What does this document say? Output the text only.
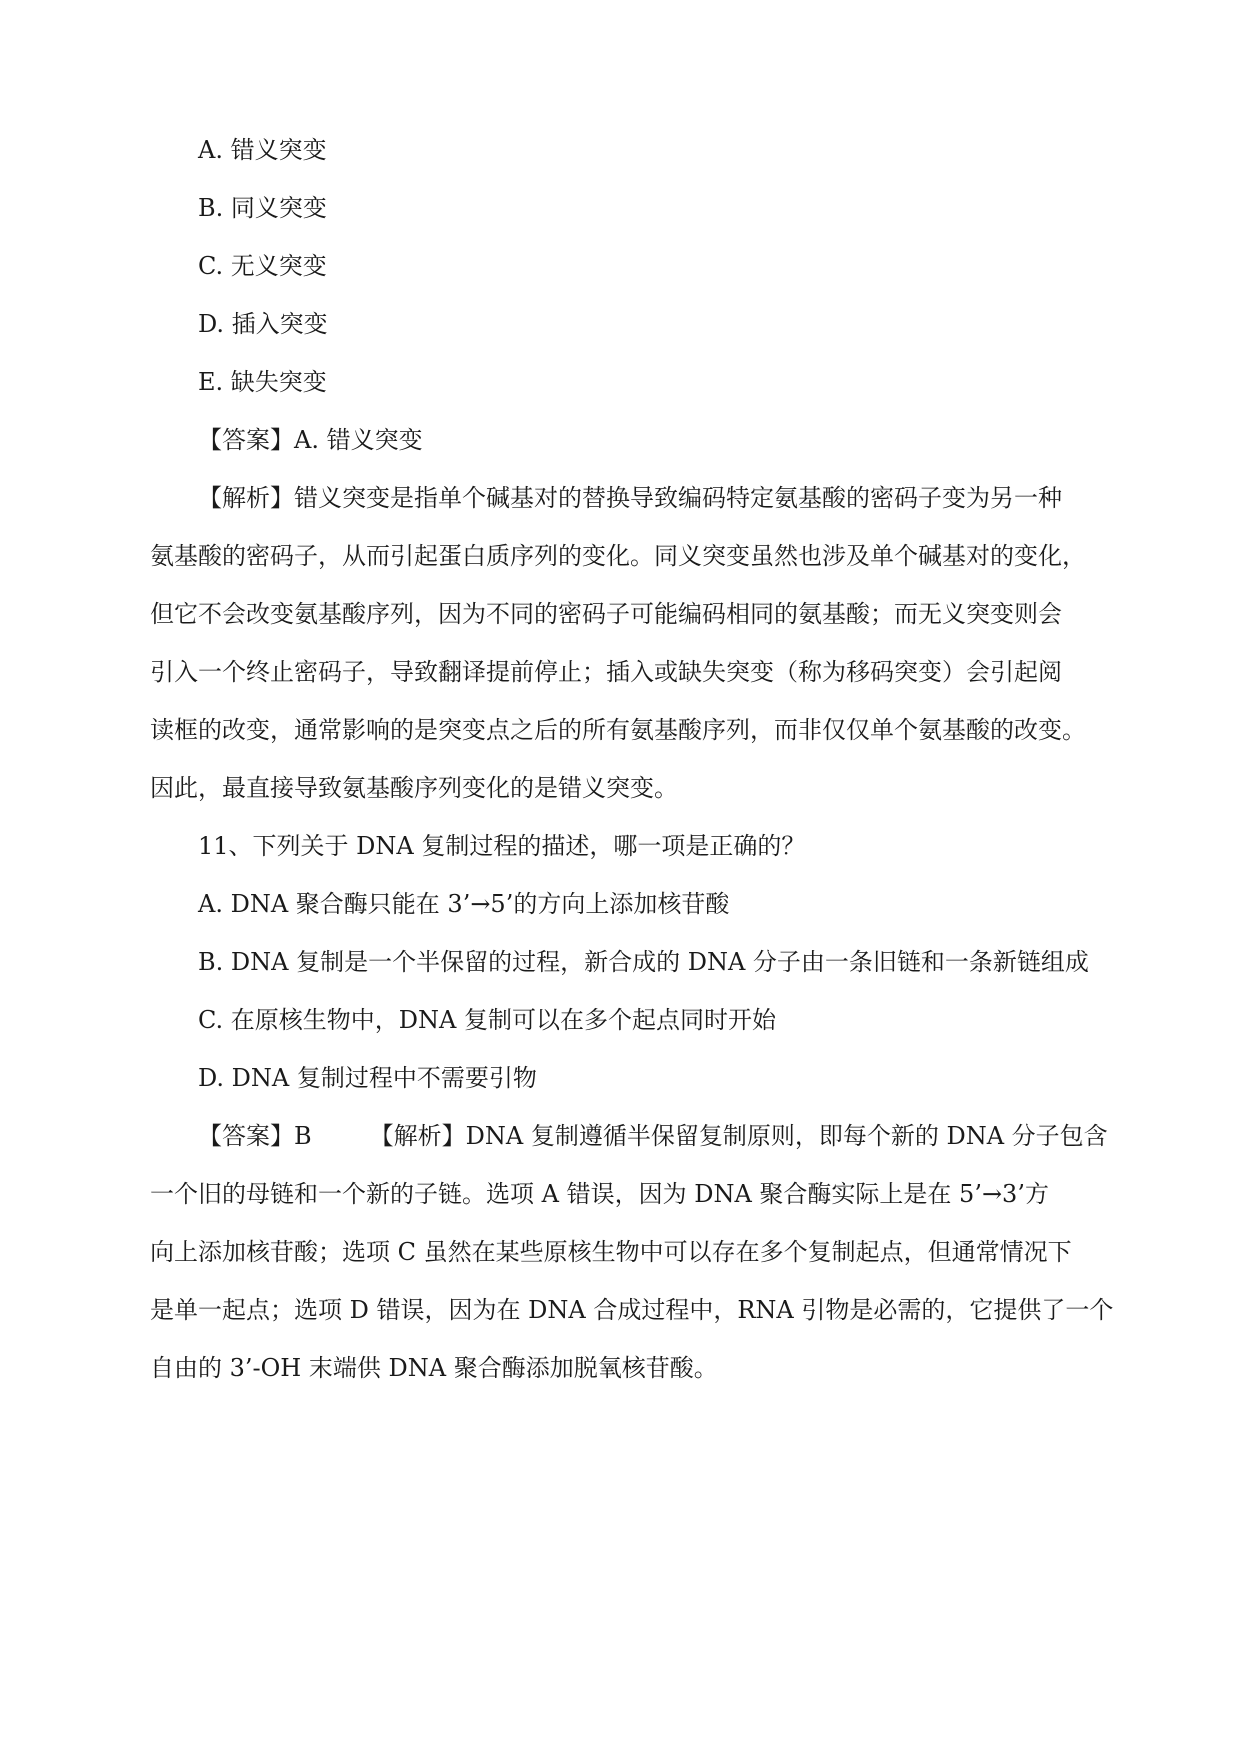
A. 错义突变
B. 同义突变
C. 无义突变
D. 插入突变
E. 缺失突变
【答案】A. 错义突变
【解析】错义突变是指单个碱基对的替换导致编码特定氨基酸的密码子变为另一种
氨基酸的密码子，从而引起蛋白质序列的变化。同义突变虽然也涉及单个碱基对的变化，
但它不会改变氨基酸序列，因为不同的密码子可能编码相同的氨基酸；而无义突变则会
引入一个终止密码子，导致翻译提前停止；插入或缺失突变（称为移码突变）会引起阅
读框的改变，通常影响的是突变点之后的所有氨基酸序列，而非仅仅单个氨基酸的改变。
因此，最直接导致氨基酸序列变化的是错义突变。
11、下列关于 DNA 复制过程的描述，哪一项是正确的？
A. DNA 聚合酶只能在 3’→5’的方向上添加核苷酸
B. DNA 复制是一个半保留的过程，新合成的 DNA 分子由一条旧链和一条新链组成
C. 在原核生物中，DNA 复制可以在多个起点同时开始
D. DNA 复制过程中不需要引物
【答案】B 【解析】DNA 复制遵循半保留复制原则，即每个新的 DNA 分子包含
一个旧的母链和一个新的子链。选项 A 错误，因为 DNA 聚合酶实际上是在 5’→3’方
向上添加核苷酸；选项 C 虽然在某些原核生物中可以存在多个复制起点，但通常情况下
是单一起点；选项 D 错误，因为在 DNA 合成过程中，RNA 引物是必需的，它提供了一个
自由的 3’-OH 末端供 DNA 聚合酶添加脱氧核苷酸。
